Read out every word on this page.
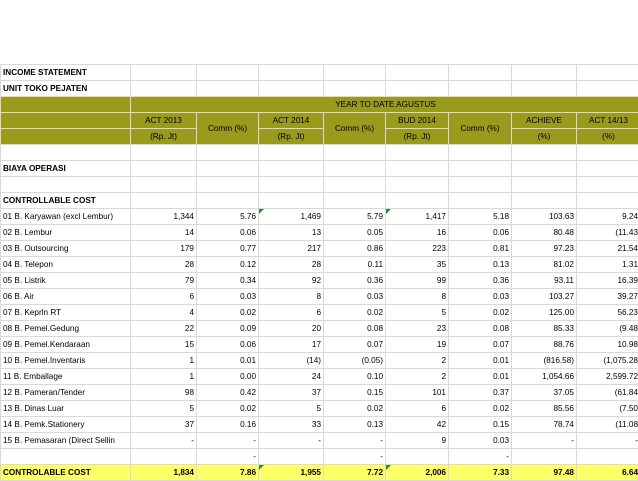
INCOME STATEMENT								
UNIT TOKO PEJATEN								
	YEAR TO DATE AGUSTUS							
	ACT 2013	Comm (%)	ACT 2014	Comm (%)	BUD 2014	Comm (%)	ACHIEVE	ACT 14/13
	(Rp. Jt)		(Rp. Jt)		(Rp. Jt)		(%)	(%)

BIAYA OPERASI								

CONTROLLABLE COST								
01 B. Karyawan (excl Lembur)	1,344	5.76	1,469	5.79	1,417	5.18	103.63	9.24
02 B. Lembur	14	0.06	13	0.05	16	0.06	80.48	(11.43
03 B. Outsourcing	179	0.77	217	0.86	223	0.81	97.23	21.54
04 B. Telepon	28	0.12	28	0.11	35	0.13	81.02	1.31
05 B. Listrik	79	0.34	92	0.36	99	0.36	93.11	16.39
06 B. Air	6	0.03	8	0.03	8	0.03	103.27	39.27
07 B. Keprln RT	4	0.02	6	0.02	5	0.02	125.00	56.23
08 B. Pemel.Gedung	22	0.09	20	0.08	23	0.08	85.33	(9.48
09 B. Pemel.Kendaraan	15	0.06	17	0.07	19	0.07	88.76	10.98
10 B. Pemel.Inventaris	1	0.01	(14)	(0.05)	2	0.01	(816.58)	(1,075.28
11 B. Emballage	1	0.00	24	0.10	2	0.01	1,054.66	2,599.72
12 B. Pameran/Tender	98	0.42	37	0.15	101	0.37	37.05	(61.84
13 B. Dinas Luar	5	0.02	5	0.02	6	0.02	85.56	(7.50
14 B. Pemk.Stationery	37	0.16	33	0.13	42	0.15	78.74	(11.08
15 B. Pemasaran (Direct Sellin	-	-	-	-	9	0.03	-	-
		-		-		-		
CONTROLABLE COST	1,834	7.86	1,955	7.72	2,006	7.33	97.48	6.64
